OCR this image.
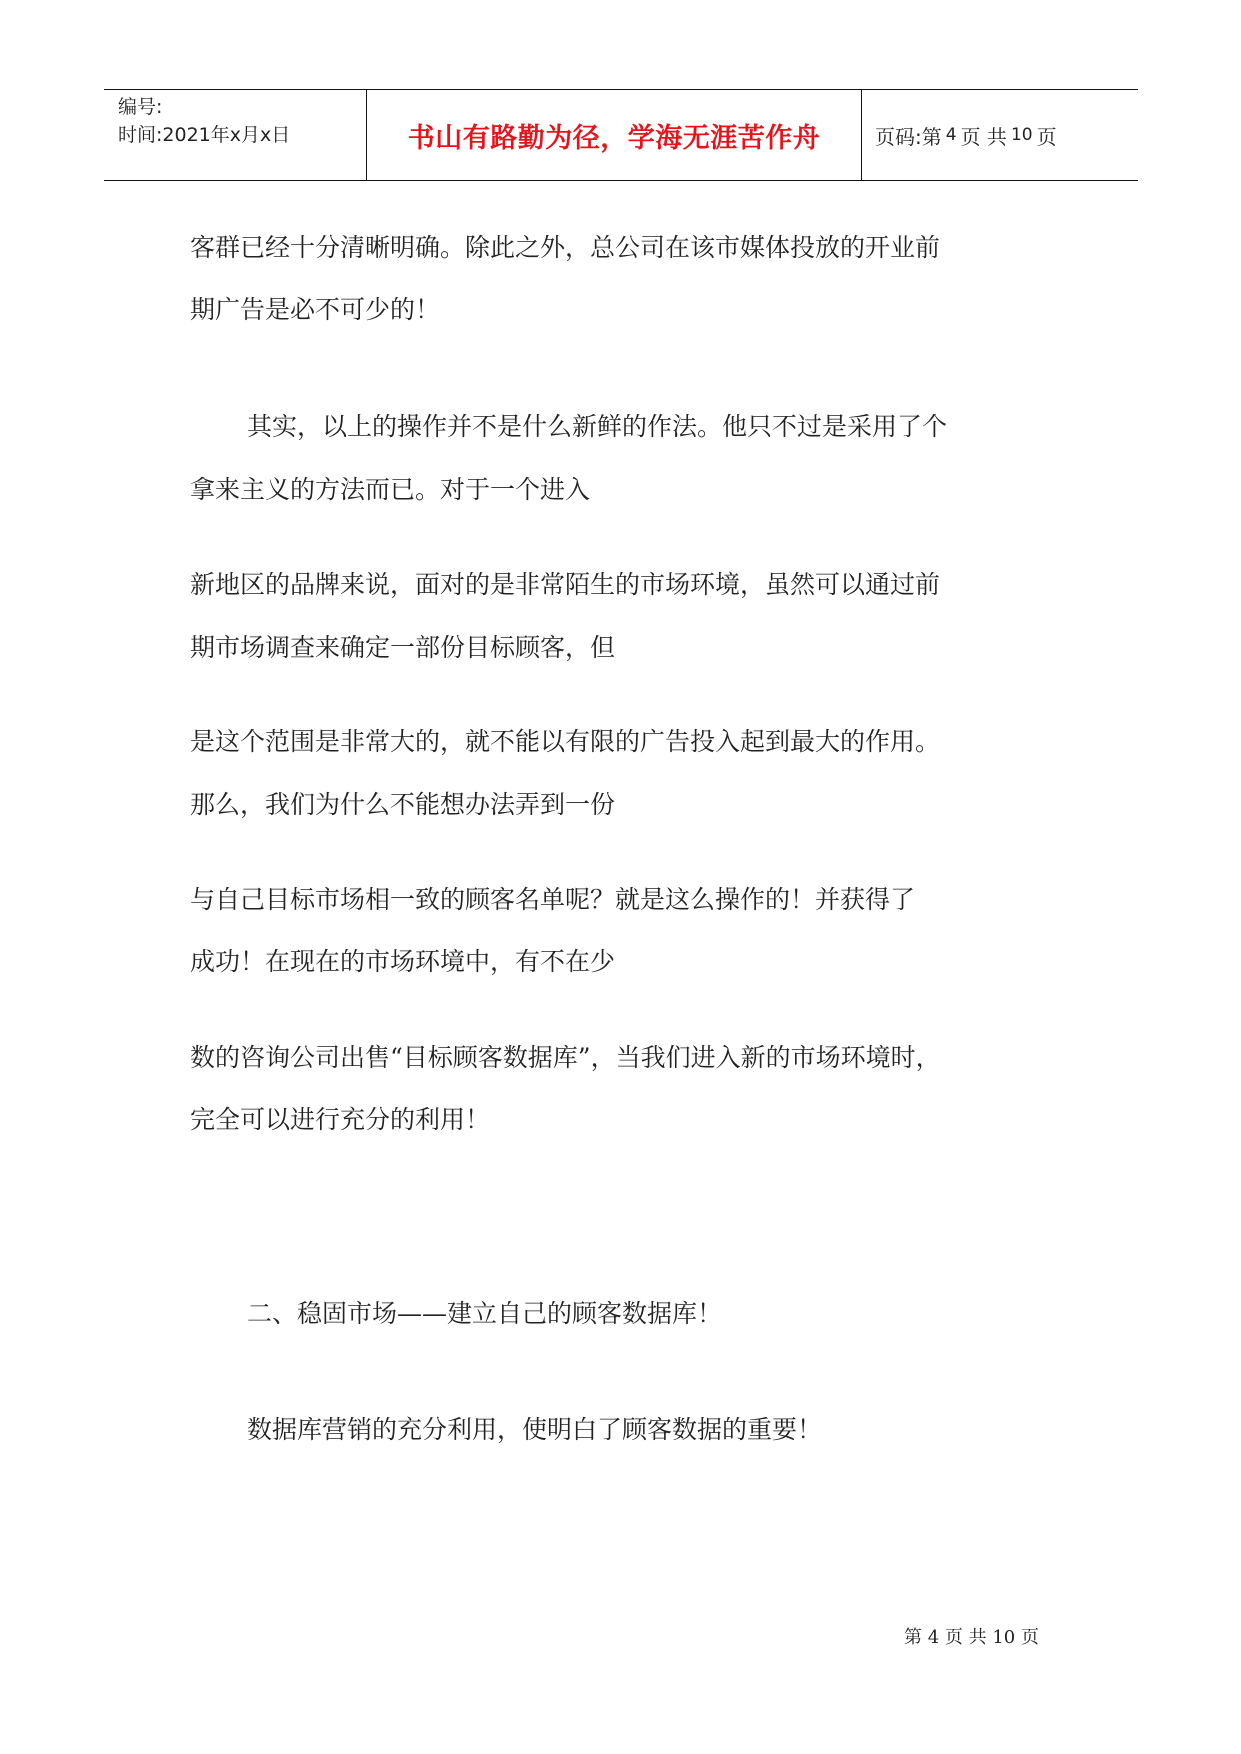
编号:
时间:2021年x月x日	书山有路勤为径，学海无涯苦作舟	页码:第 4 页 共 10 页

客群已经十分清晰明确。除此之外，总公司在该市媒体投放的开业前

期广告是必不可少的！

其实，以上的操作并不是什么新鲜的作法。他只不过是采用了个

拿来主义的方法而已。对于一个进入

新地区的品牌来说，面对的是非常陌生的市场环境，虽然可以通过前

期市场调查来确定一部份目标顾客，但

是这个范围是非常大的，就不能以有限的广告投入起到最大的作用。

那么，我们为什么不能想办法弄到一份

与自己目标市场相一致的顾客名单呢？就是这么操作的！并获得了

成功！在现在的市场环境中，有不在少

数的咨询公司出售“目标顾客数据库”，当我们进入新的市场环境时，

完全可以进行充分的利用！

二、稳固市场——建立自己的顾客数据库！

数据库营销的充分利用，使明白了顾客数据的重要！

第 4 页 共 10 页
